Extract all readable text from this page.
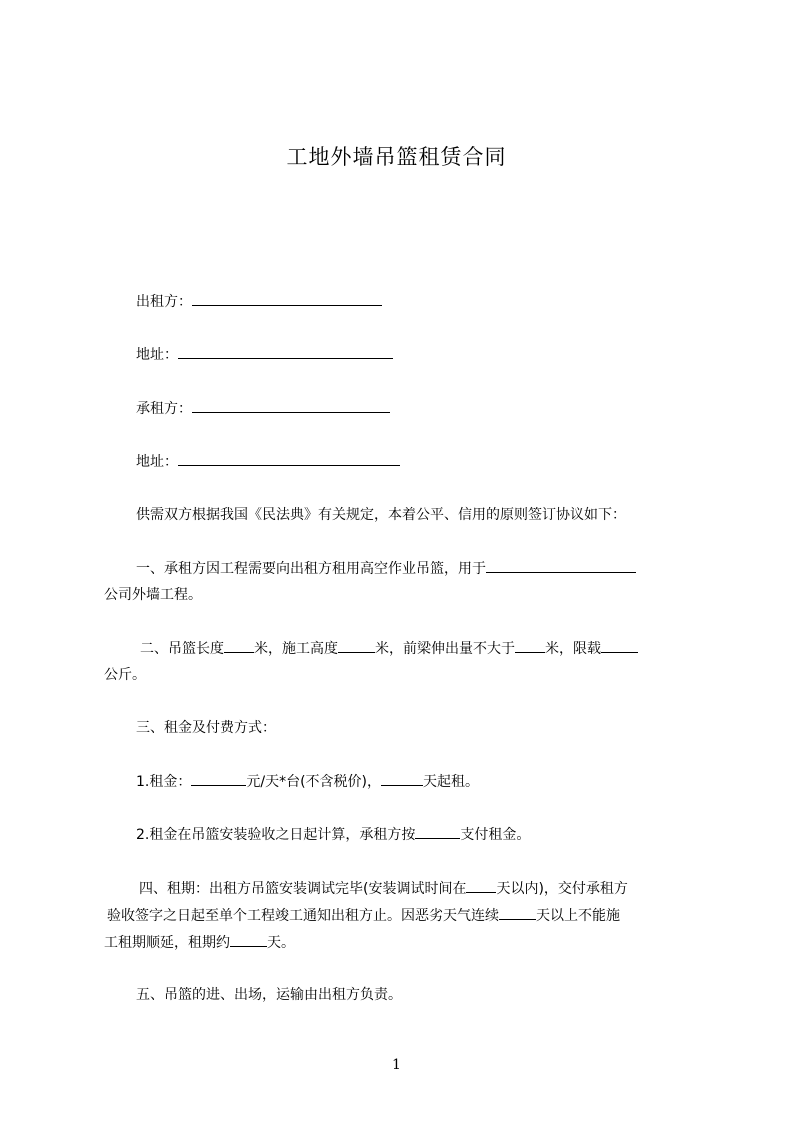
工地外墙吊篮租赁合同
出租方：
地址：
承租方：
地址：
供需双方根据我国《民法典》有关规定，本着公平、信用的原则签订协议如下：
一、承租方因工程需要向出租方租用高空作业吊篮，用于
公司外墙工程。
二、吊篮长度 米，施工高度	米，前梁伸出量不大于 米，限载
公斤。
三、租金及付费方式：
1.租金：	元/天*台(不含税价)，	天起租。
2.租金在吊篮安装验收之日起计算，承租方按	支付租金。
四、租期：出租方吊篮安装调试完毕(安装调试时间在 天以内)，交付承租方
验收签字之日起至单个工程竣工通知出租方止。因恶劣天气连续	天以上不能施
工租期顺延，租期约	天。
五、吊篮的进、出场，运输由出租方负责。
1
